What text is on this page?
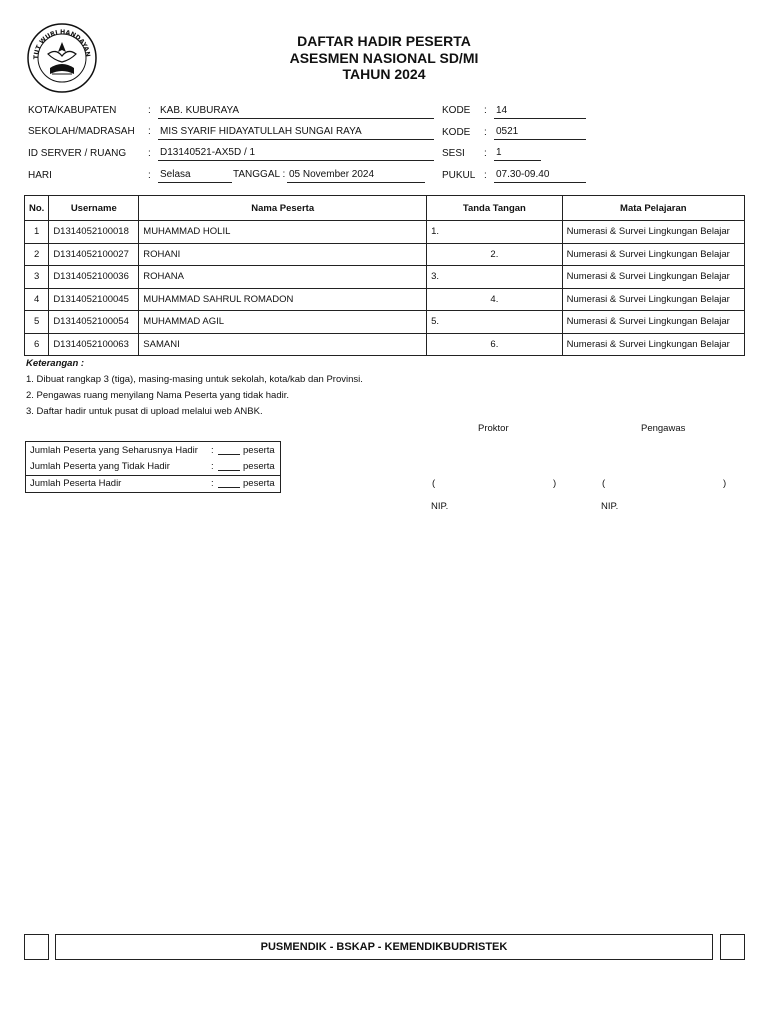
TUT WURI HANDAYAN
DAFTAR HADIR PESERTA
ASESMEN NASIONAL SD/MI
TAHUN 2024
KOTA/KABUPATEN	: KAB. KUBURAYA
SEKOLAH/MADRASAH : MIS SYARIF HIDAYATULLAH SUNGAI RAYA
ID SERVER / RUANG : D13140521-AX5D / 1
HARI	: Selasa	TANGGAL : 05 November 2024
KODE : 14
KODE : 0521
SESI : 1
PUKUL : 07.30-09.40
No.	Username	Nama Peserta	Tanda Tangan	Mata Pelajaran
1	D1314052100018	MUHAMMAD HOLIL	1.	Numerasi & Survei Lingkungan Belajar
2	D1314052100027	ROHANI	2.	Numerasi & Survei Lingkungan Belajar
3	D1314052100036	ROHANA	3.	Numerasi & Survei Lingkungan Belajar
4	D1314052100045	MUHAMMAD SAHRUL ROMADON	4.	Numerasi & Survei Lingkungan Belajar
5	D1314052100054	MUHAMMAD AGIL	5.	Numerasi & Survei Lingkungan Belajar
6	D1314052100063	SAMANI	6.	Numerasi & Survei Lingkungan Belajar
Keterangan :
1. Dibuat rangkap 3 (tiga), masing-masing untuk sekolah, kota/kab dan Provinsi.
2. Pengawas ruang menyilang Nama Peserta yang tidak hadir.
3. Daftar hadir untuk pusat di upload melalui web ANBK.
Jumlah Peserta yang Seharusnya Hadir :	peserta
Jumlah Peserta yang Tidak Hadir	:	peserta
Jumlah Peserta Hadir	:	peserta
Proktor	Pengawas
(	)	(	)
NIP.	NIP.
PUSMENDIK - BSKAP - KEMENDIKBUDRISTEK
